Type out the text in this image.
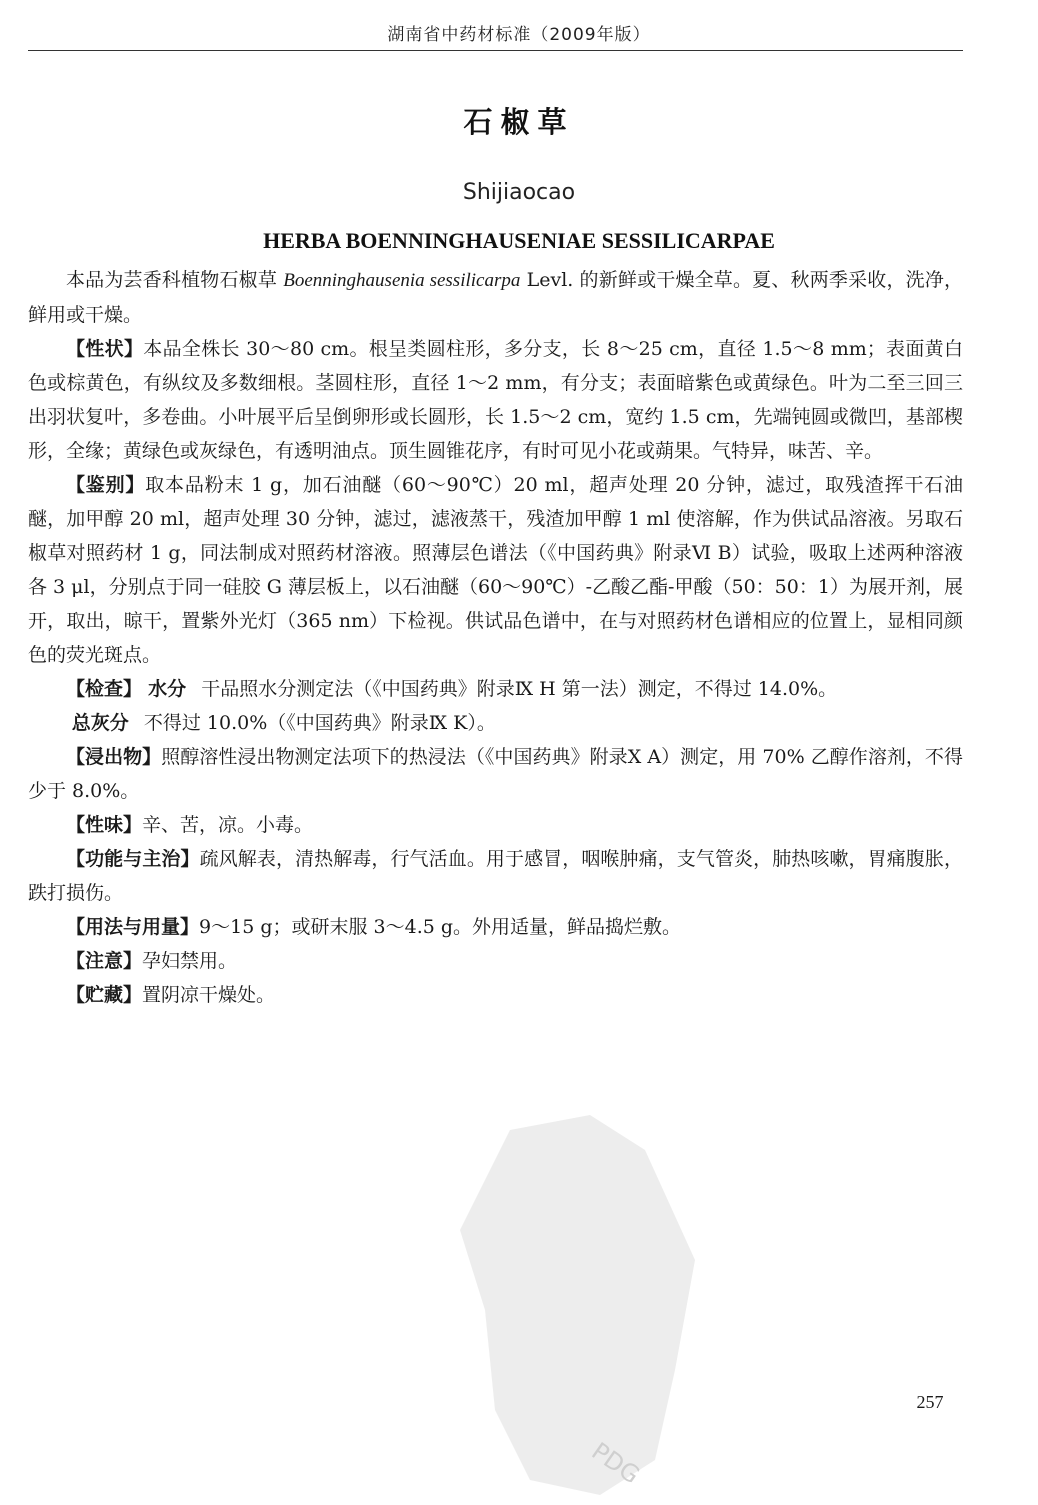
湖南省中药材标准（2009年版）
石椒草
Shijiaocao
HERBA BOENNINGHAUSENIAE SESSILICARPAE

本品为芸香科植物石椒草 Boenninghausenia sessilicarpa Levl. 的新鲜或干燥全草。夏、秋两季采收，洗净，鲜用或干燥。

【性状】本品全株长 30～80 cm。根呈类圆柱形，多分支，长 8～25 cm，直径 1.5～8 mm；表面黄白色或棕黄色，有纵纹及多数细根。茎圆柱形，直径 1～2 mm，有分支；表面暗紫色或黄绿色。叶为二至三回三出羽状复叶，多卷曲。小叶展平后呈倒卵形或长圆形，长 1.5～2 cm，宽约 1.5 cm，先端钝圆或微凹，基部楔形，全缘；黄绿色或灰绿色，有透明油点。顶生圆锥花序，有时可见小花或蒴果。气特异，味苦、辛。

【鉴别】取本品粉末 1 g，加石油醚（60～90℃）20 ml，超声处理 20 分钟，滤过，取残渣挥干石油醚，加甲醇 20 ml，超声处理 30 分钟，滤过，滤液蒸干，残渣加甲醇 1 ml 使溶解，作为供试品溶液。另取石椒草对照药材 1 g，同法制成对照药材溶液。照薄层色谱法（《中国药典》附录Ⅵ B）试验，吸取上述两种溶液各 3 μl，分别点于同一硅胶 G 薄层板上，以石油醚（60～90℃）-乙酸乙酯-甲酸（50：50：1）为展开剂，展开，取出，晾干，置紫外光灯（365 nm）下检视。供试品色谱中，在与对照药材色谱相应的位置上，显相同颜色的荧光斑点。

【检查】 水分 干品照水分测定法（《中国药典》附录Ⅸ H 第一法）测定，不得过 14.0%。

总灰分 不得过 10.0%（《中国药典》附录Ⅸ K）。

【浸出物】照醇溶性浸出物测定法项下的热浸法（《中国药典》附录Ⅹ A）测定，用 70% 乙醇作溶剂，不得少于 8.0%。

【性味】辛、苦，凉。小毒。

【功能与主治】疏风解表，清热解毒，行气活血。用于感冒，咽喉肿痛，支气管炎，肺热咳嗽，胃痛腹胀，跌打损伤。

【用法与用量】9～15 g；或研末服 3～4.5 g。外用适量，鲜品捣烂敷。

【注意】孕妇禁用。

【贮藏】置阴凉干燥处。

PDG
257
